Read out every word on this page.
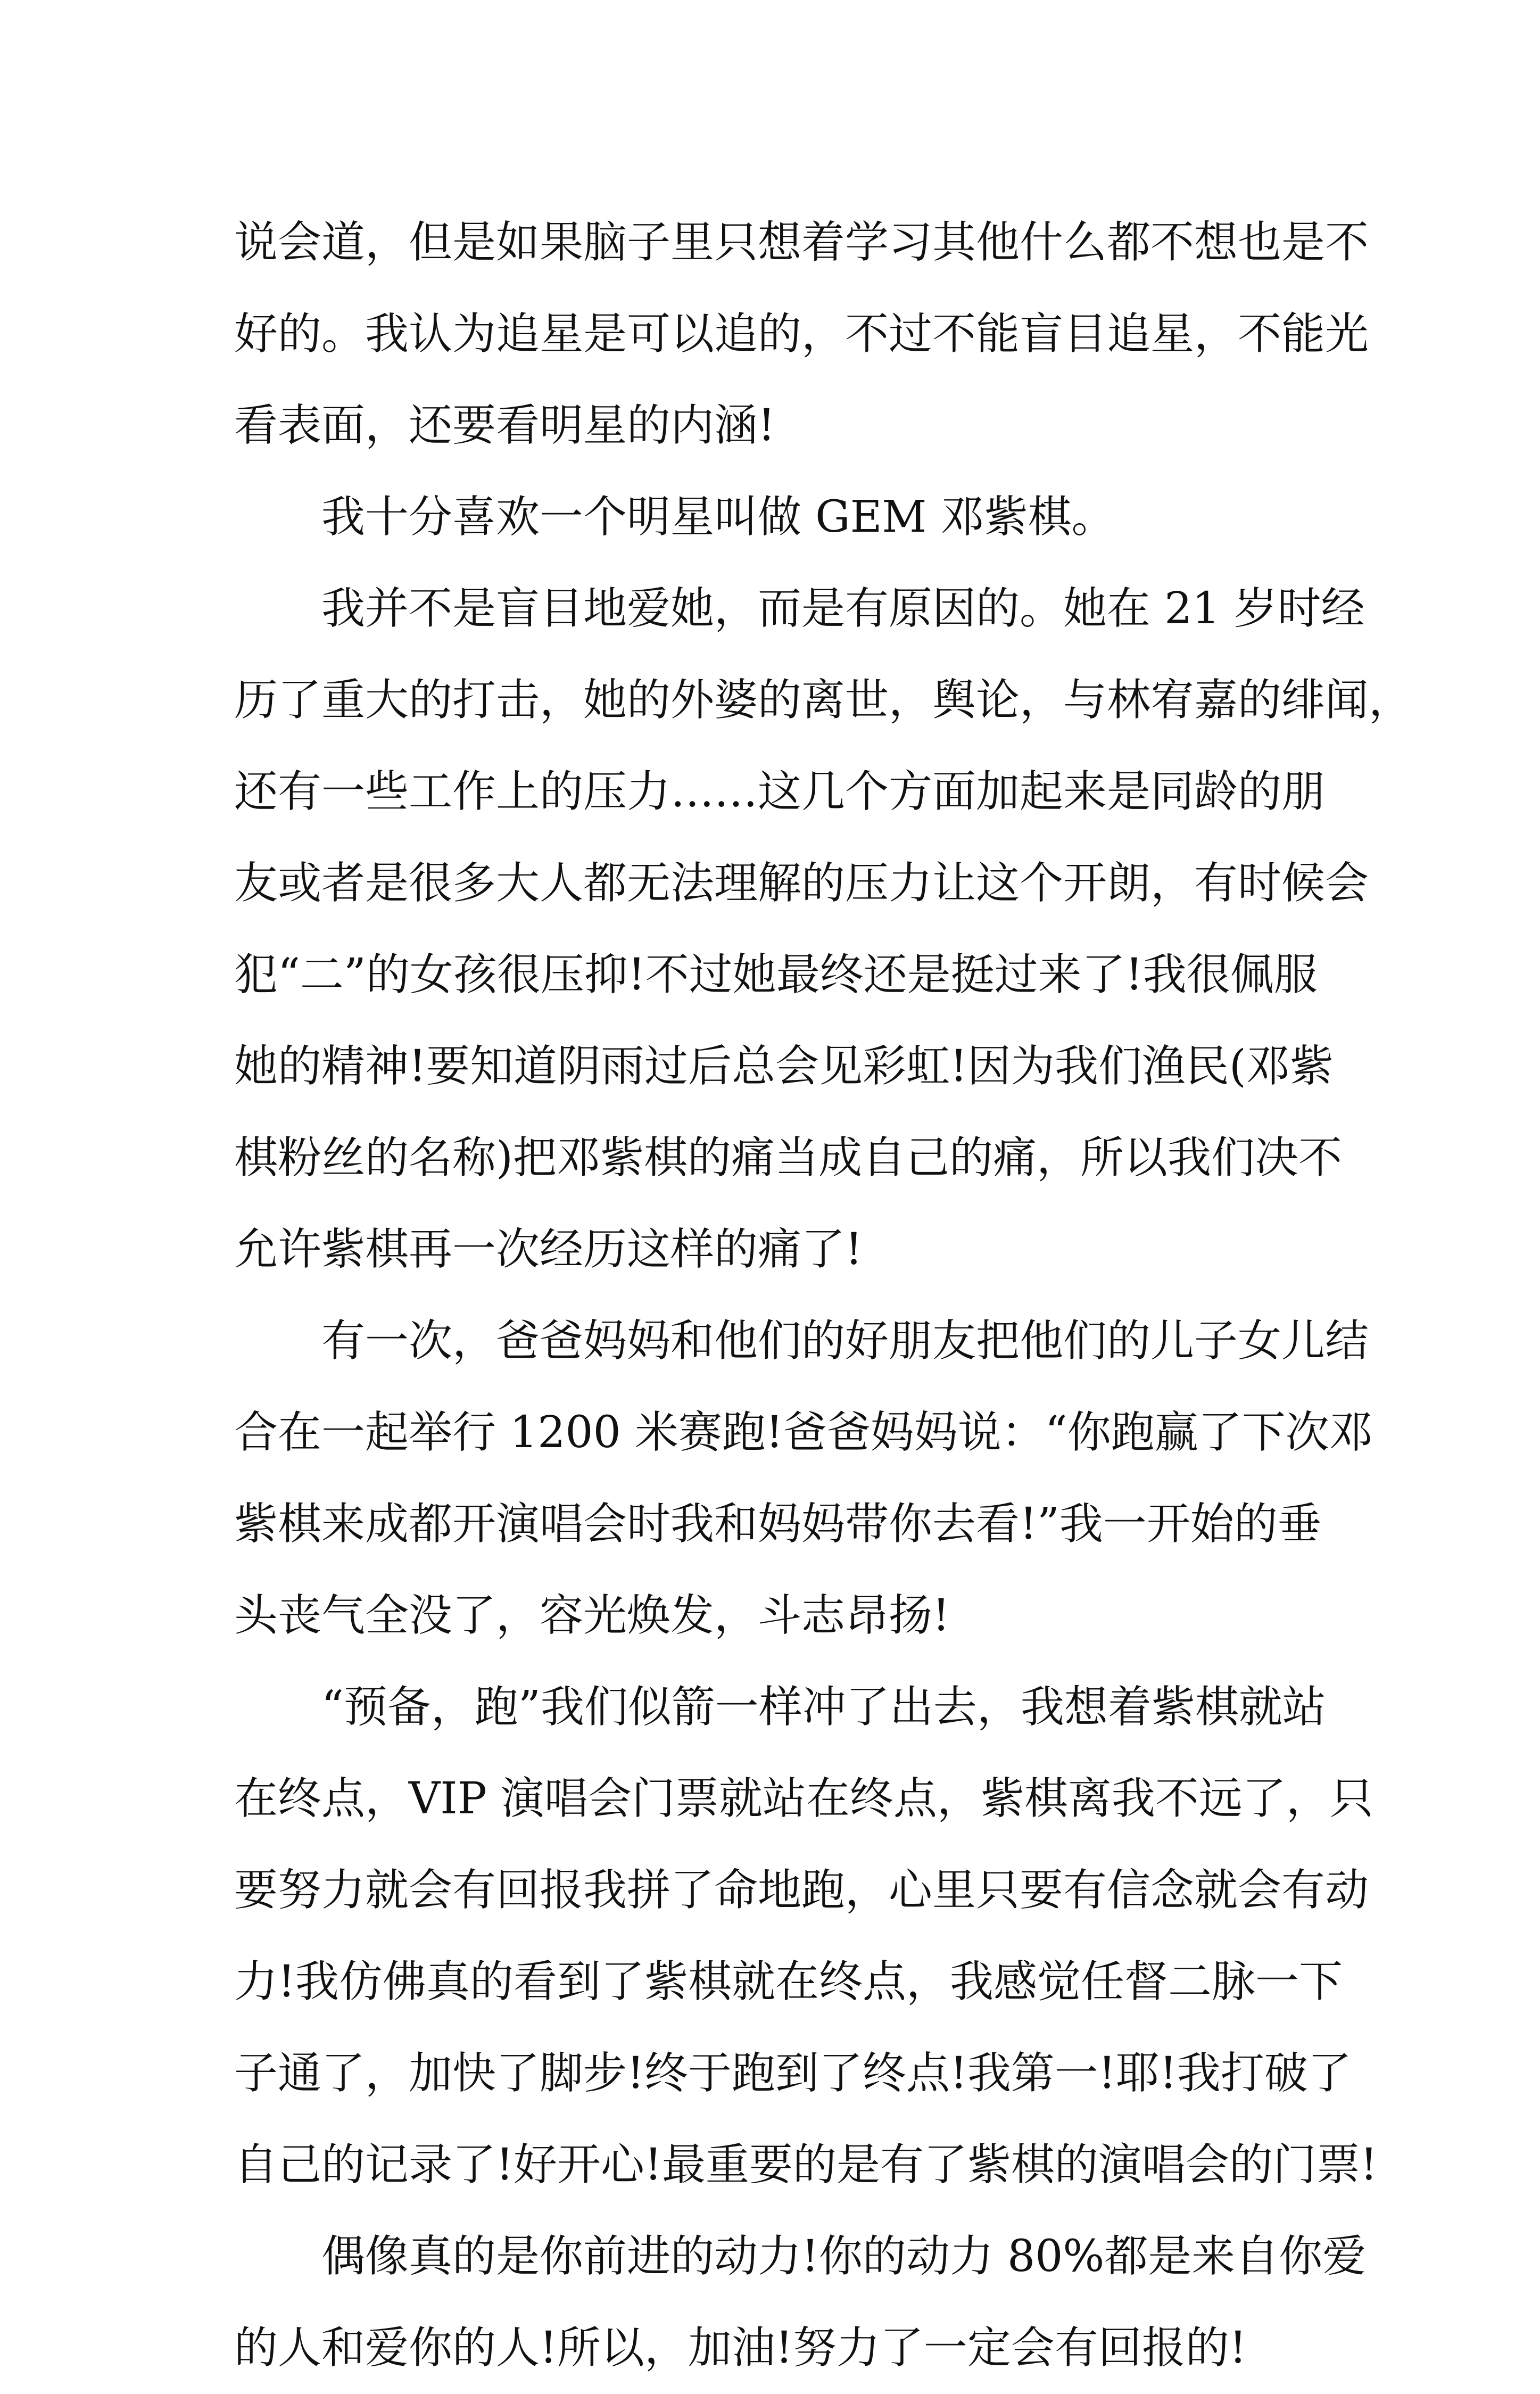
说会道，但是如果脑子里只想着学习其他什么都不想也是不
好的。我认为追星是可以追的，不过不能盲目追星，不能光
看表面，还要看明星的内涵!
我十分喜欢一个明星叫做 GEM 邓紫棋。
我并不是盲目地爱她，而是有原因的。她在 21 岁时经
历了重大的打击，她的外婆的离世，舆论，与林宥嘉的绯闻，
还有一些工作上的压力……这几个方面加起来是同龄的朋
友或者是很多大人都无法理解的压力让这个开朗，有时候会
犯“二”的女孩很压抑!不过她最终还是挺过来了!我很佩服
她的精神!要知道阴雨过后总会见彩虹!因为我们渔民(邓紫
棋粉丝的名称)把邓紫棋的痛当成自己的痛，所以我们决不
允许紫棋再一次经历这样的痛了!
有一次，爸爸妈妈和他们的好朋友把他们的儿子女儿结
合在一起举行 1200 米赛跑!爸爸妈妈说：“你跑赢了下次邓
紫棋来成都开演唱会时我和妈妈带你去看!”我一开始的垂
头丧气全没了，容光焕发，斗志昂扬!
“预备，跑”我们似箭一样冲了出去，我想着紫棋就站
在终点，VIP 演唱会门票就站在终点，紫棋离我不远了，只
要努力就会有回报我拼了命地跑，心里只要有信念就会有动
力!我仿佛真的看到了紫棋就在终点，我感觉任督二脉一下
子通了，加快了脚步!终于跑到了终点!我第一!耶!我打破了
自己的记录了!好开心!最重要的是有了紫棋的演唱会的门票!
偶像真的是你前进的动力!你的动力 80%都是来自你爱
的人和爱你的人!所以，加油!努力了一定会有回报的!
